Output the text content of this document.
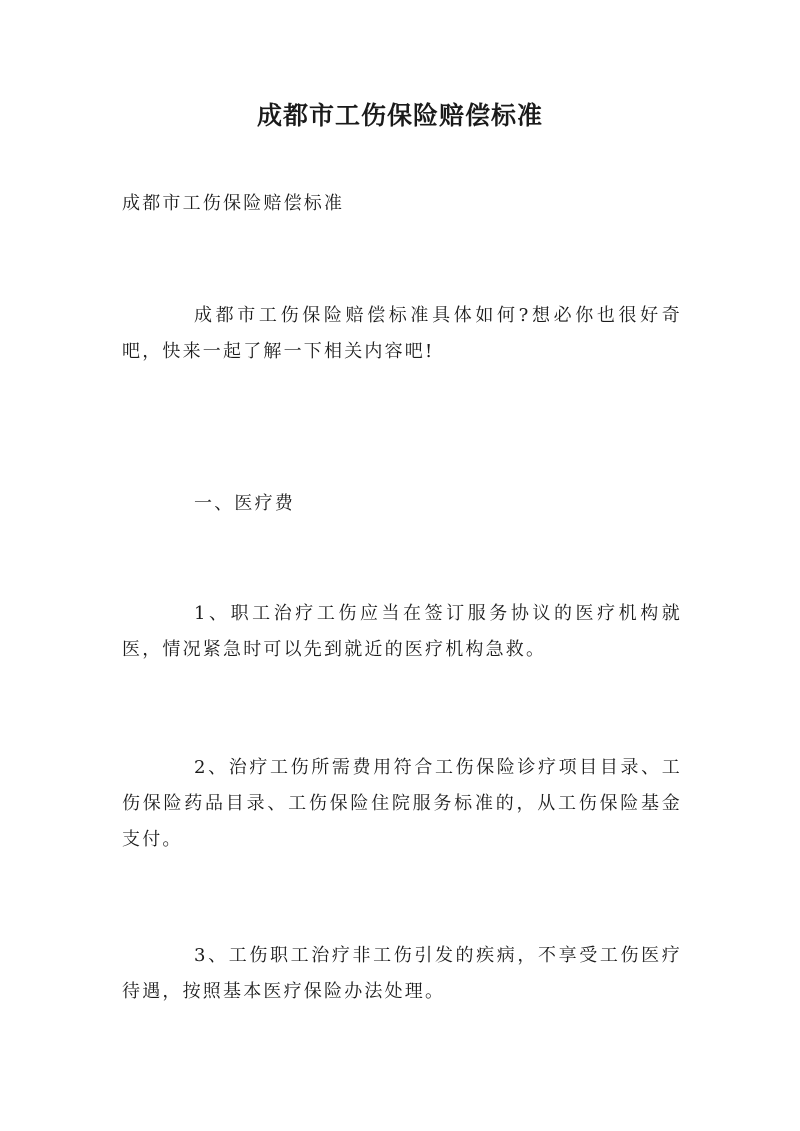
成都市工伤保险赔偿标准

成都市工伤保险赔偿标准

成都市工伤保险赔偿标准具体如何?想必你也很好奇吧，快来一起了解一下相关内容吧!

一、医疗费

1、职工治疗工伤应当在签订服务协议的医疗机构就医，情况紧急时可以先到就近的医疗机构急救。

2、治疗工伤所需费用符合工伤保险诊疗项目目录、工伤保险药品目录、工伤保险住院服务标准的，从工伤保险基金支付。

3、工伤职工治疗非工伤引发的疾病，不享受工伤医疗待遇，按照基本医疗保险办法处理。
